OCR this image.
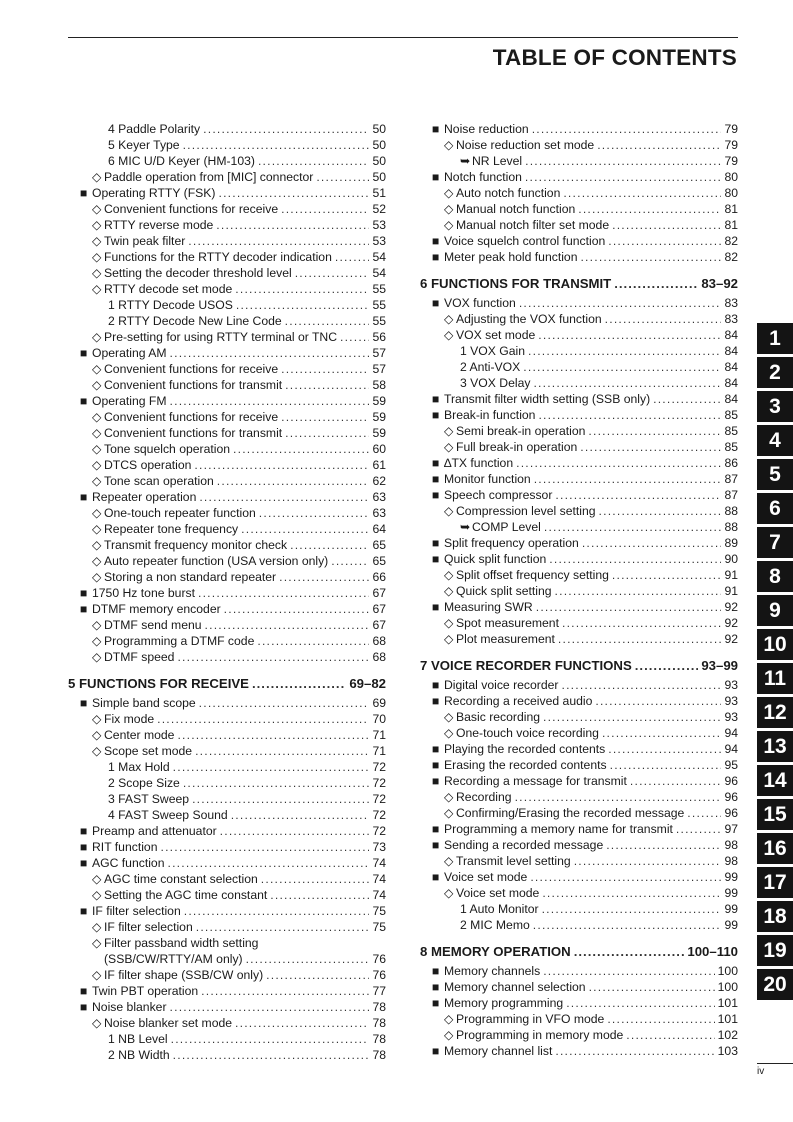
TABLE OF CONTENTS
4 Paddle Polarity .....	50
5 Keyer Type .....	50
6 MIC U/D Keyer (HM-103) .....	50
◇ Paddle operation from [MIC] connector .....	50
■ Operating RTTY (FSK) .....	51
◇ Convenient functions for receive .....	52
◇ RTTY reverse mode .....	53
◇ Twin peak filter .....	53
◇ Functions for the RTTY decoder indication .....	54
◇ Setting the decoder threshold level .....	54
◇ RTTY decode set mode .....	55
1 RTTY Decode USOS .....	55
2 RTTY Decode New Line Code .....	55
◇ Pre-setting for using RTTY terminal or TNC .....	56
■ Operating AM .....	57
◇ Convenient functions for receive .....	57
◇ Convenient functions for transmit .....	58
■ Operating FM .....	59
◇ Convenient functions for receive .....	59
◇ Convenient functions for transmit .....	59
◇ Tone squelch operation .....	60
◇ DTCS operation .....	61
◇ Tone scan operation .....	62
■ Repeater operation .....	63
◇ One-touch repeater function .....	63
◇ Repeater tone frequency .....	64
◇ Transmit frequency monitor check .....	65
◇ Auto repeater function (USA version only) .....	65
◇ Storing a non standard repeater .....	66
■ 1750 Hz tone burst .....	67
■ DTMF memory encoder .....	67
◇ DTMF send menu .....	67
◇ Programming a DTMF code .....	68
◇ DTMF speed .....	68
5 FUNCTIONS FOR RECEIVE .....	69–82
■ Simple band scope .....	69
◇ Fix mode .....	70
◇ Center mode .....	71
◇ Scope set mode .....	71
1 Max Hold .....	72
2 Scope Size .....	72
3 FAST Sweep .....	72
4 FAST Sweep Sound .....	72
■ Preamp and attenuator .....	72
■ RIT function .....	73
■ AGC function .....	74
◇ AGC time constant selection .....	74
◇ Setting the AGC time constant .....	74
■ IF filter selection .....	75
◇ IF filter selection .....	75
◇ Filter passband width setting
(SSB/CW/RTTY/AM only) .....	76
◇ IF filter shape (SSB/CW only) .....	76
■ Twin PBT operation .....	77
■ Noise blanker .....	78
◇ Noise blanker set mode .....	78
1 NB Level .....	78
2 NB Width .....	78
■ Noise reduction .....	79
◇ Noise reduction set mode .....	79
➥ NR Level .....	79
■ Notch function .....	80
◇ Auto notch function .....	80
◇ Manual notch function .....	81
◇ Manual notch filter set mode .....	81
■ Voice squelch control function .....	82
■ Meter peak hold function .....	82
6 FUNCTIONS FOR TRANSMIT .....	83–92
■ VOX function .....	83
◇ Adjusting the VOX function .....	83
◇ VOX set mode .....	84
1 VOX Gain .....	84
2 Anti-VOX .....	84
3 VOX Delay .....	84
■ Transmit filter width setting (SSB only) .....	84
■ Break-in function .....	85
◇ Semi break-in operation .....	85
◇ Full break-in operation .....	85
■ ∆TX function .....	86
■ Monitor function .....	87
■ Speech compressor .....	87
◇ Compression level setting .....	88
➥ COMP Level .....	88
■ Split frequency operation .....	89
■ Quick split function .....	90
◇ Split offset frequency setting .....	91
◇ Quick split setting .....	91
■ Measuring SWR .....	92
◇ Spot measurement .....	92
◇ Plot measurement .....	92
7 VOICE RECORDER FUNCTIONS .....	93–99
■ Digital voice recorder .....	93
■ Recording a received audio .....	93
◇ Basic recording .....	93
◇ One-touch voice recording .....	94
■ Playing the recorded contents .....	94
■ Erasing the recorded contents .....	95
■ Recording a message for transmit .....	96
◇ Recording .....	96
◇ Confirming/Erasing the recorded message .....	96
■ Programming a memory name for transmit .....	97
■ Sending a recorded message .....	98
◇ Transmit level setting .....	98
■ Voice set mode .....	99
◇ Voice set mode .....	99
1 Auto Monitor .....	99
2 MIC Memo .....	99
8 MEMORY OPERATION .....	100–110
■ Memory channels .....	100
■ Memory channel selection .....	100
■ Memory programming .....	101
◇ Programming in VFO mode .....	101
◇ Programming in memory mode .....	102
■ Memory channel list .....	103
1
2
3
4
5
6
7
8
9
10
11
12
13
14
15
16
17
18
19
20
iv
